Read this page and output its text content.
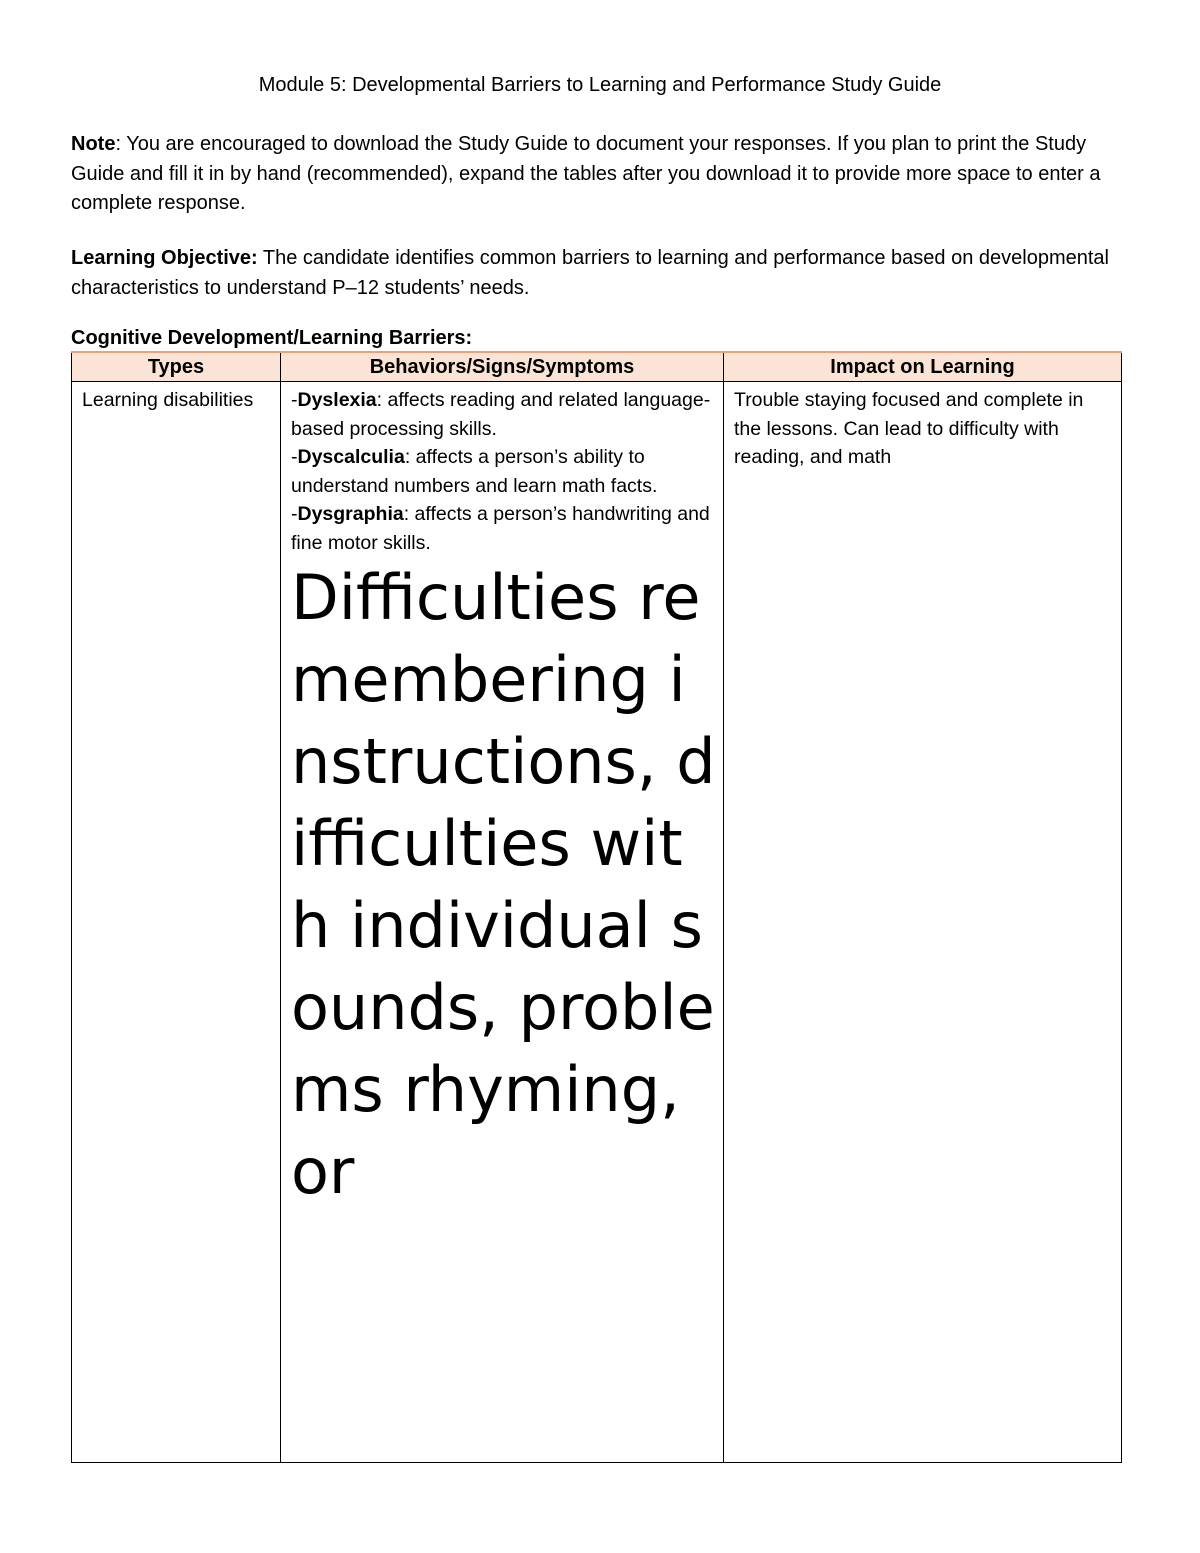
Module 5: Developmental Barriers to Learning and Performance Study Guide
Note: You are encouraged to download the Study Guide to document your responses. If you plan to print the Study Guide and fill it in by hand (recommended), expand the tables after you download it to provide more space to enter a complete response.
Learning Objective: The candidate identifies common barriers to learning and performance based on developmental characteristics to understand P–12 students’ needs.
Cognitive Development/Learning Barriers:
Types	Behaviors/Signs/Symptoms	Impact on Learning

Learning disabilities	-Dyslexia: affects reading and related language-based processing skills.
-Dyscalculia: affects a person’s ability to understand numbers and learn math facts.
-Dysgraphia: affects a person’s handwriting and fine motor skills.
Difficulties remembering instructions, difficulties with individual sounds, problems rhyming, or	Trouble staying focused and complete in the lessons. Can lead to difficulty with reading, and math
